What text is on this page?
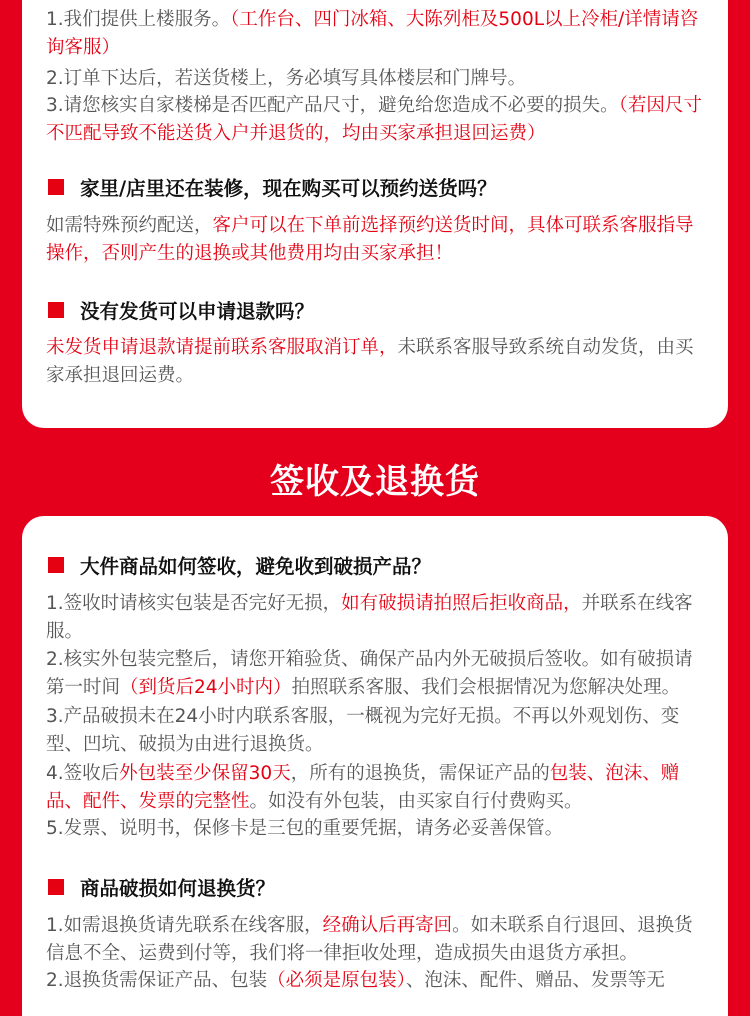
1.我们提供上楼服务。（工作台、四门冰箱、大陈列柜及500L以上冷柜/详情请咨询客服）
2.订单下达后，若送货楼上，务必填写具体楼层和门牌号。
3.请您核实自家楼梯是否匹配产品尺寸，避免给您造成不必要的损失。（若因尺寸不匹配导致不能送货入户并退货的，均由买家承担退回运费）
家里/店里还在装修，现在购买可以预约送货吗？
如需特殊预约配送，客户可以在下单前选择预约送货时间，具体可联系客服指导操作，否则产生的退换或其他费用均由买家承担！
没有发货可以申请退款吗？
未发货申请退款请提前联系客服取消订单，未联系客服导致系统自动发货，由买家承担退回运费。
签收及退换货
大件商品如何签收，避免收到破损产品？
1.签收时请核实包装是否完好无损，如有破损请拍照后拒收商品，并联系在线客服。
2.核实外包装完整后，请您开箱验货、确保产品内外无破损后签收。如有破损请第一时间（到货后24小时内）拍照联系客服、我们会根据情况为您解决处理。
3.产品破损未在24小时内联系客服，一概视为完好无损。不再以外观划伤、变型、凹坑、破损为由进行退换货。
4.签收后外包装至少保留30天，所有的退换货，需保证产品的包装、泡沫、赠品、配件、发票的完整性。如没有外包装，由买家自行付费购买。
5.发票、说明书，保修卡是三包的重要凭据，请务必妥善保管。
商品破损如何退换货？
1.如需退换货请先联系在线客服，经确认后再寄回。如未联系自行退回、退换货信息不全、运费到付等，我们将一律拒收处理，造成损失由退货方承担。
2.退换货需保证产品、包装（必须是原包装）、泡沫、配件、赠品、发票等无
